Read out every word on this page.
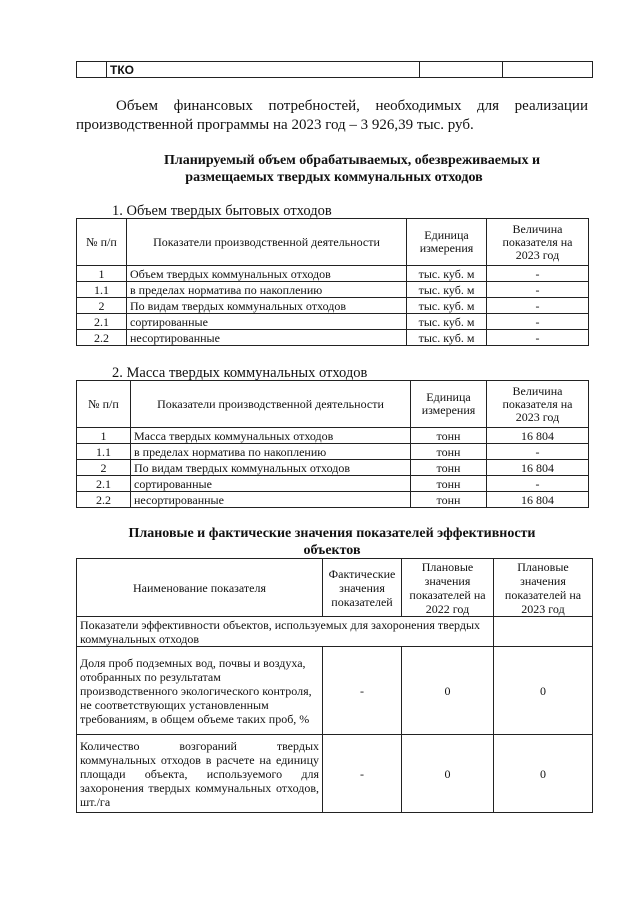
	ТКО		
Объем финансовых потребностей, необходимых для реализации
производственной программы на 2023 год – 3 926,39 тыс. руб.
Планируемый объем обрабатываемых, обезвреживаемых и
размещаемых твердых коммунальных отходов
1. Объем твердых бытовых отходов
№ п/п	Показатели производственной деятельности	Единица измерения	Величина показателя на 2023 год
1	Объем твердых коммунальных отходов	тыс. куб. м	-
1.1	в пределах норматива по накоплению	тыс. куб. м	-
2	По видам твердых коммунальных отходов	тыс. куб. м	-
2.1	сортированные	тыс. куб. м	-
2.2	несортированные	тыс. куб. м	-
2. Масса твердых коммунальных отходов
№ п/п	Показатели производственной деятельности	Единица измерения	Величина показателя на 2023 год
1	Масса твердых коммунальных отходов	тонн	16 804
1.1	в пределах норматива по накоплению	тонн	-
2	По видам твердых коммунальных отходов	тонн	16 804
2.1	сортированные	тонн	-
2.2	несортированные	тонн	16 804
Плановые и фактические значения показателей эффективности
объектов
Наименование показателя	Фактические значения показателей	Плановые значения показателей на 2022 год	Плановые значения показателей на 2023 год
Показатели эффективности объектов, используемых для захоронения твердых коммунальных отходов			
Доля проб подземных вод, почвы и воздуха, отобранных по результатам производственного экологического контроля, не соответствующих установленным требованиям, в общем объеме таких проб, %	-	0	0
Количество возгораний твердых коммунальных отходов в расчете на единицу площади объекта, используемого для захоронения твердых коммунальных отходов, шт./га	-	0	0
